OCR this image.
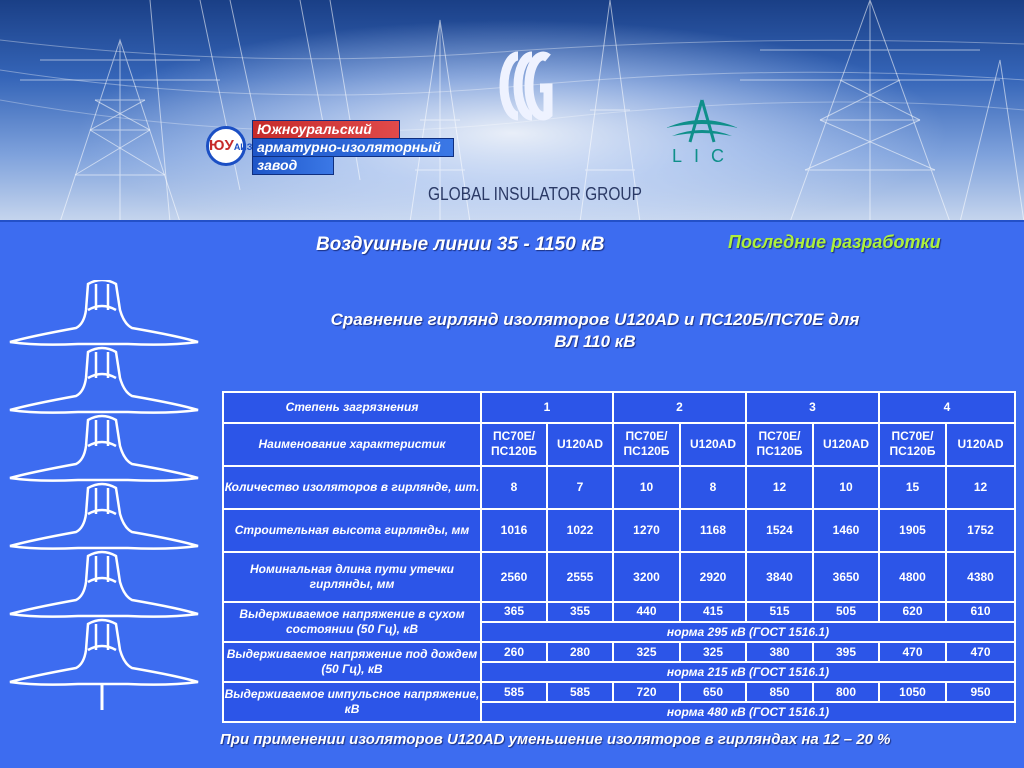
ЮУАИЗ
Южноуральский
арматурно-изоляторный
завод	LIC
GLOBAL INSULATOR GROUP
Воздушные линии 35 - 1150 кВ	Последние разработки
Сравнение гирлянд изоляторов U120AD и ПС120Б/ПС70Е для
ВЛ 110 кВ
Степень загрязнения	1		2		3		4	
Наименование характеристик	ПС70Е/ ПС120Б	U120AD	ПС70Е/ ПС120Б	U120AD	ПС70Е/ ПС120Б	U120AD	ПС70Е/ ПС120Б	U120AD
Количество изоляторов в гирлянде, шт.	8	7	10	8	12	10	15	12
Строительная высота гирлянды, мм	1016	1022	1270	1168	1524	1460	1905	1752
Номинальная длина пути утечки гирлянды, мм	2560	2555	3200	2920	3840	3650	4800	4380
Выдерживаемое напряжение в сухом состоянии (50 Гц), кВ	365	355	440	415	515	505	620	610
	норма 295 кВ (ГОСТ 1516.1)							
Выдерживаемое напряжение под дождем (50 Гц), кВ	260	280	325	325	380	395	470	470
	норма 215 кВ (ГОСТ 1516.1)							
Выдерживаемое импульсное напряжение, кВ	585	585	720	650	850	800	1050	950
	норма 480 кВ (ГОСТ 1516.1)							
При применении изоляторов U120AD уменьшение изоляторов в гирляндах на 12 – 20 %
